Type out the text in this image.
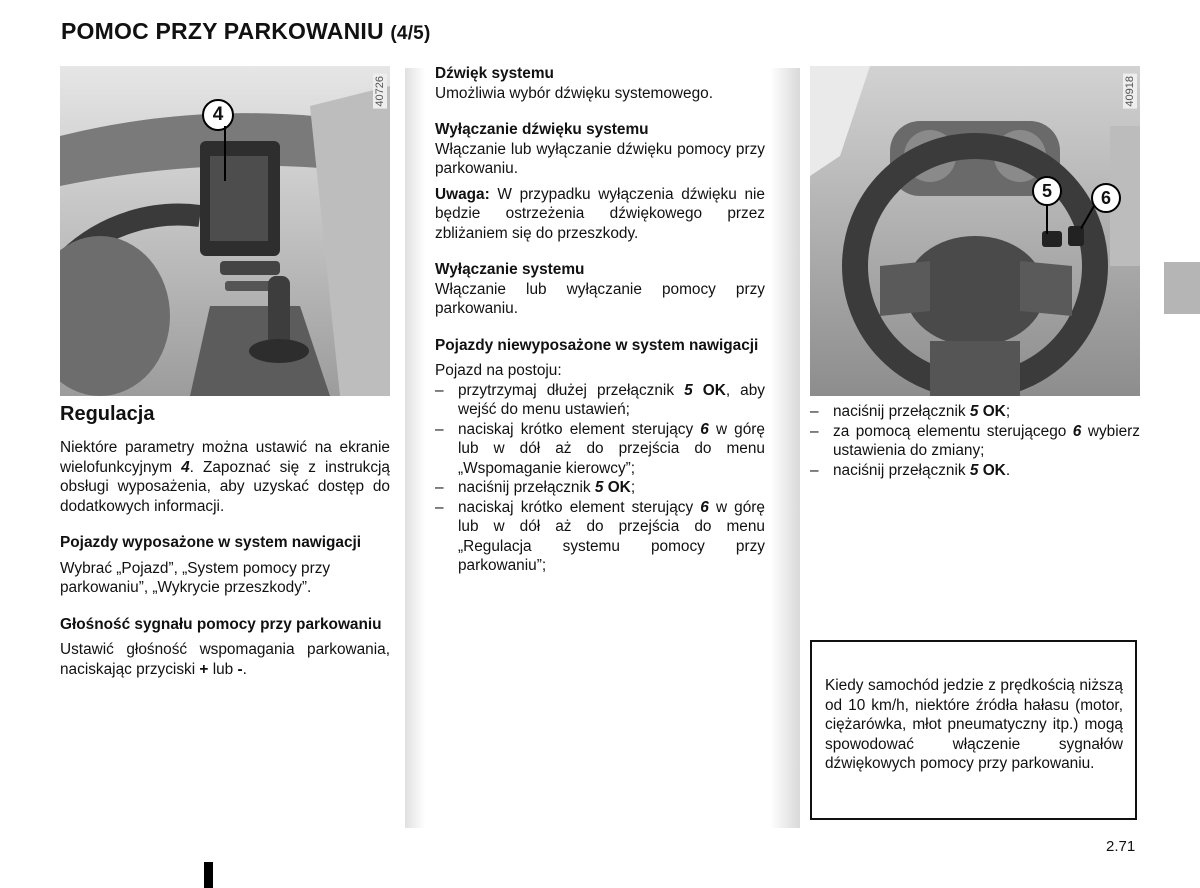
POMOC PRZY PARKOWANIU (4/5)
4
40726

Regulacja

Niektóre parametry można ustawić na ekranie wielofunkcyjnym 4. Zapoznać się z instrukcją obsługi wyposażenia, aby uzyskać dostęp do dodatkowych informacji.

Pojazdy wyposażone w system nawigacji

Wybrać „Pojazd”, „System pomocy przy parkowaniu”, „Wykrycie przeszkody”.

Głośność sygnału pomocy przy parkowaniu

Ustawić głośność wspomagania parkowania, naciskając przyciski + lub -.

Dźwięk systemu

Umożliwia wybór dźwięku systemowego.

Wyłączanie dźwięku systemu

Włączanie lub wyłączanie dźwięku pomocy przy parkowaniu.

Uwaga: W przypadku wyłączenia dźwięku nie będzie ostrzeżenia dźwiękowego przez zbliżaniem się do przeszkody.

Wyłączanie systemu

Włączanie lub wyłączanie pomocy przy parkowaniu.

Pojazdy niewyposażone w system nawigacji

Pojazd na postoju:

– przytrzymaj dłużej przełącznik 5 OK, aby wejść do menu ustawień;
– naciskaj krótko element sterujący 6 w górę lub w dół aż do przejścia do menu „Wspomaganie kierowcy”;
– naciśnij przełącznik 5 OK;
– naciskaj krótko element sterujący 6 w górę lub w dół aż do przejścia do menu „Regulacja systemu pomocy przy parkowaniu”;
5	6
40918
– naciśnij przełącznik 5 OK;
– za pomocą elementu sterującego 6 wybierz ustawienia do zmiany;
– naciśnij przełącznik 5 OK.
Kiedy samochód jedzie z prędkością niższą od 10 km/h, niektóre źródła hałasu (motor, ciężarówka, młot pneumatyczny itp.) mogą spowodować włączenie sygnałów dźwiękowych pomocy przy parkowaniu.
2.71
